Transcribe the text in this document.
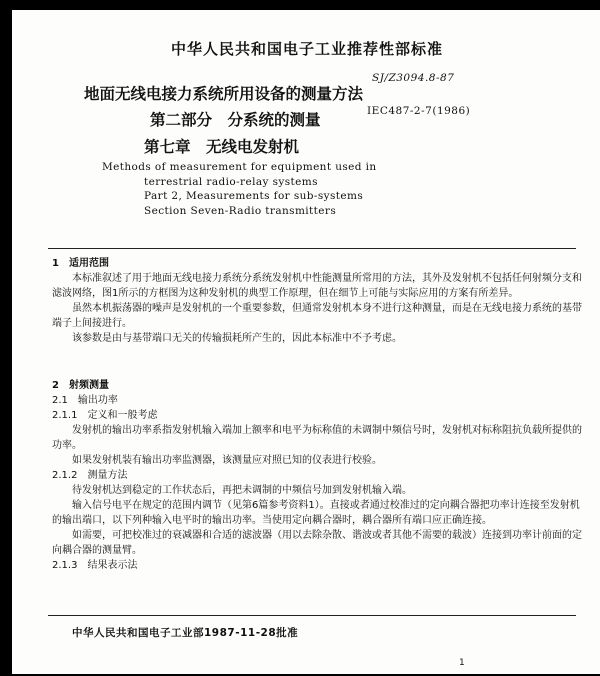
中华人民共和国电子工业推荐性部标准
地面无线电接力系统所用设备的测量方法
SJ/Z3094.8-87
第二部分　分系统的测量	IEC487-2-7(1986)
第七章　无线电发射机
Methods of measurement for equipment used in
terrestrial radio-relay systems
Part 2, Measurements for sub-systems
Section Seven-Radio transmitters

1　适用范围

本标准叙述了用于地面无线电接力系统分系统发射机中性能测量所常用的方法，其外及发射机不包括任何射频分支和滤波网络，图1所示的方框图为这种发射机的典型工作原理，但在细节上可能与实际应用的方案有所差异。

虽然本机振荡器的噪声是发射机的一个重要参数，但通常发射机本身不进行这种测量，而是在无线电接力系统的基带端子上间接进行。

该参数是由与基带端口无关的传输损耗所产生的，因此本标准中不予考虑。

2　射频测量

2.1　输出功率

2.1.1　定义和一般考虑

发射机的输出功率系指发射机输入端加上额率和电平为标称值的未调制中频信号时，发射机对标称阻抗负载所提供的功率。

如果发射机装有输出功率监测器，该测量应对照已知的仪表进行校验。

2.1.2　测量方法

待发射机达到稳定的工作状态后，再把未调制的中频信号加到发射机输入端。

输入信号电平在规定的范围内调节（见第6篇参考资料1）。直接或者通过校准过的定向耦合器把功率计连接至发射机的输出端口，以下列种输入电平时的输出功率。当使用定向耦合器时，耦合器所有端口应正确连接。

如需要，可把校准过的衰减器和合适的滤波器（用以去除杂散、谐波或者其他不需要的载波）连接到功率计前面的定向耦合器的测量臂。

2.1.3　结果表示法

中华人民共和国电子工业部1987-11-28批准
1
